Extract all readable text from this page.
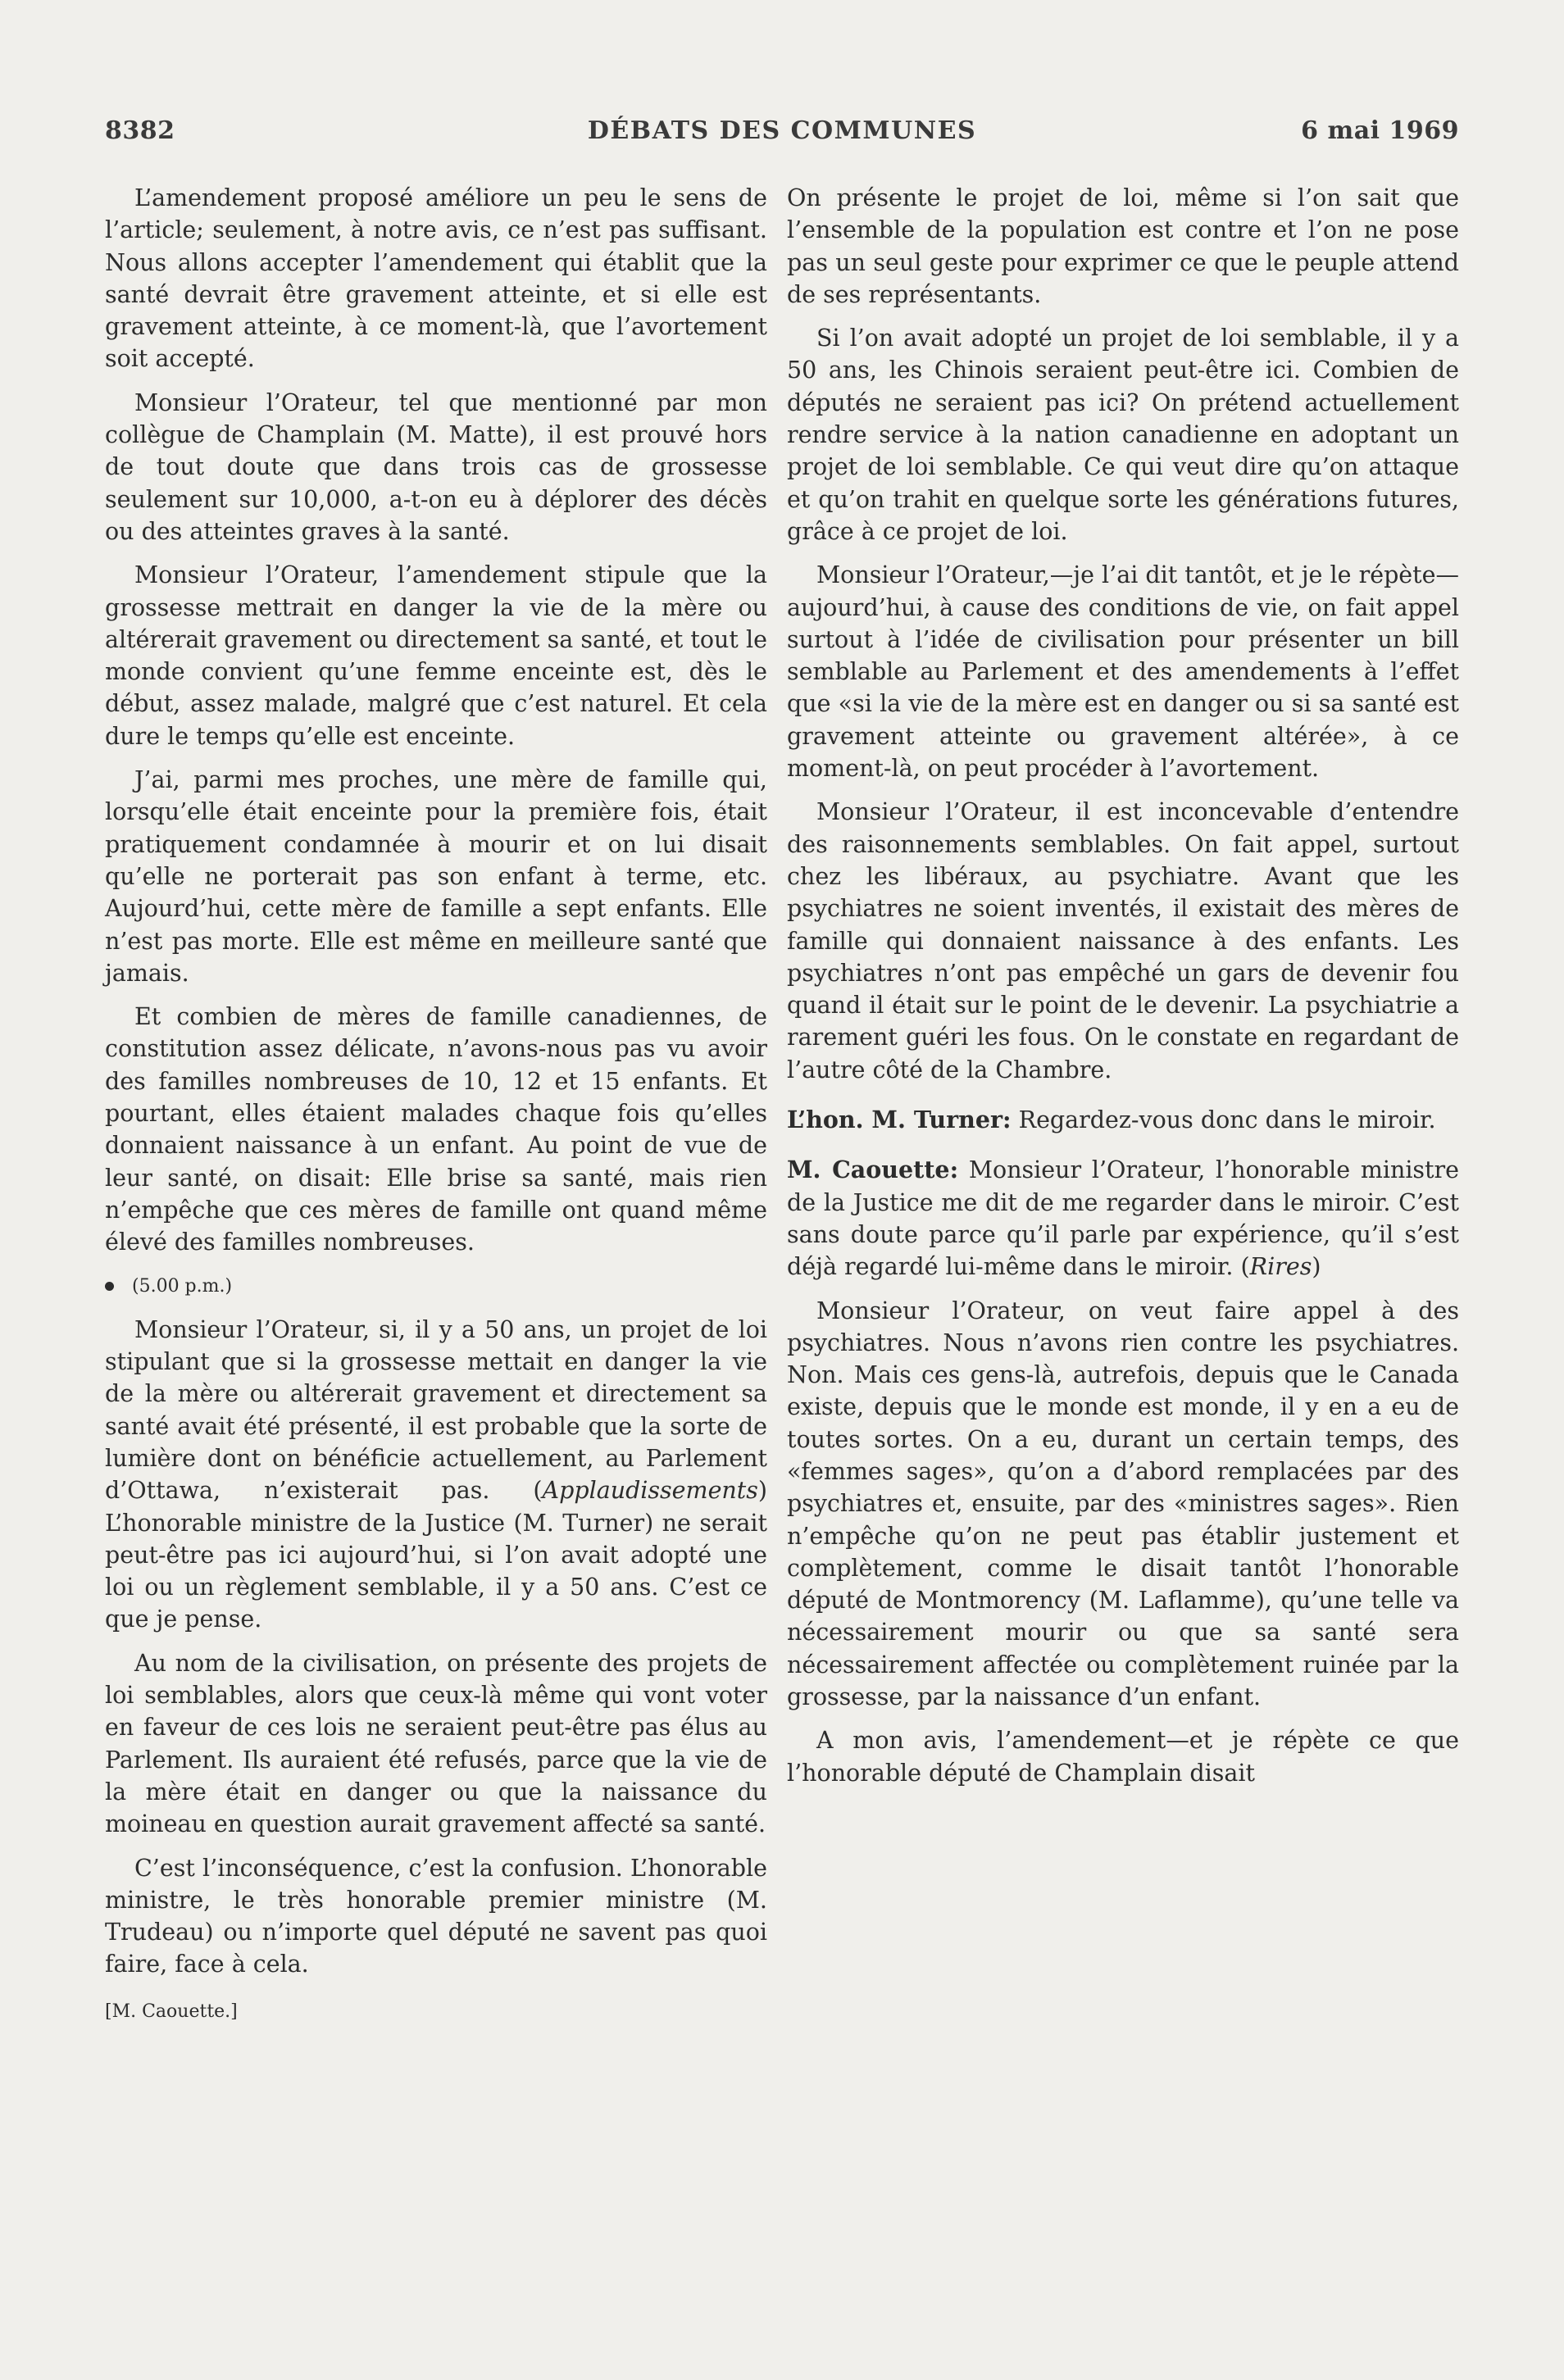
8382	DÉBATS DES COMMUNES	6 mai 1969

L’amendement proposé améliore un peu le sens de l’article; seulement, à notre avis, ce n’est pas suffisant. Nous allons accepter l’amendement qui établit que la santé devrait être gravement atteinte, et si elle est gravement atteinte, à ce moment-là, que l’avortement soit accepté.

Monsieur l’Orateur, tel que mentionné par mon collègue de Champlain (M. Matte), il est prouvé hors de tout doute que dans trois cas de grossesse seulement sur 10,000, a-t-on eu à déplorer des décès ou des atteintes graves à la santé.

Monsieur l’Orateur, l’amendement stipule que la grossesse mettrait en danger la vie de la mère ou altérerait gravement ou directement sa santé, et tout le monde convient qu’une femme enceinte est, dès le début, assez malade, malgré que c’est naturel. Et cela dure le temps qu’elle est enceinte.

J’ai, parmi mes proches, une mère de famille qui, lorsqu’elle était enceinte pour la première fois, était pratiquement condamnée à mourir et on lui disait qu’elle ne porterait pas son enfant à terme, etc. Aujourd’hui, cette mère de famille a sept enfants. Elle n’est pas morte. Elle est même en meilleure santé que jamais.

Et combien de mères de famille canadiennes, de constitution assez délicate, n’avons-nous pas vu avoir des familles nombreuses de 10, 12 et 15 enfants. Et pourtant, elles étaient malades chaque fois qu’elles donnaient naissance à un enfant. Au point de vue de leur santé, on disait: Elle brise sa santé, mais rien n’empêche que ces mères de famille ont quand même élevé des familles nombreuses.

(5.00 p.m.)

Monsieur l’Orateur, si, il y a 50 ans, un projet de loi stipulant que si la grossesse mettait en danger la vie de la mère ou altérerait gravement et directement sa santé avait été présenté, il est probable que la sorte de lumière dont on bénéficie actuellement, au Parlement d’Ottawa, n’existerait pas. (Applaudissements) L’honorable ministre de la Justice (M. Turner) ne serait peut-être pas ici aujourd’hui, si l’on avait adopté une loi ou un règlement semblable, il y a 50 ans. C’est ce que je pense.

Au nom de la civilisation, on présente des projets de loi semblables, alors que ceux-là même qui vont voter en faveur de ces lois ne seraient peut-être pas élus au Parlement. Ils auraient été refusés, parce que la vie de la mère était en danger ou que la naissance du moineau en question aurait gravement affecté sa santé.

C’est l’inconséquence, c’est la confusion. L’honorable ministre, le très honorable premier ministre (M. Trudeau) ou n’importe quel député ne savent pas quoi faire, face à cela.

[M. Caouette.]

On présente le projet de loi, même si l’on sait que l’ensemble de la population est contre et l’on ne pose pas un seul geste pour exprimer ce que le peuple attend de ses représentants.

Si l’on avait adopté un projet de loi semblable, il y a 50 ans, les Chinois seraient peut-être ici. Combien de députés ne seraient pas ici? On prétend actuellement rendre service à la nation canadienne en adoptant un projet de loi semblable. Ce qui veut dire qu’on attaque et qu’on trahit en quelque sorte les générations futures, grâce à ce projet de loi.

Monsieur l’Orateur,—je l’ai dit tantôt, et je le répète—aujourd’hui, à cause des conditions de vie, on fait appel surtout à l’idée de civilisation pour présenter un bill semblable au Parlement et des amendements à l’effet que «si la vie de la mère est en danger ou si sa santé est gravement atteinte ou gravement altérée», à ce moment-là, on peut procéder à l’avortement.

Monsieur l’Orateur, il est inconcevable d’entendre des raisonnements semblables. On fait appel, surtout chez les libéraux, au psychiatre. Avant que les psychiatres ne soient inventés, il existait des mères de famille qui donnaient naissance à des enfants. Les psychiatres n’ont pas empêché un gars de devenir fou quand il était sur le point de le devenir. La psychiatrie a rarement guéri les fous. On le constate en regardant de l’autre côté de la Chambre.

L’hon. M. Turner: Regardez-vous donc dans le miroir.

M. Caouette: Monsieur l’Orateur, l’honorable ministre de la Justice me dit de me regarder dans le miroir. C’est sans doute parce qu’il parle par expérience, qu’il s’est déjà regardé lui-même dans le miroir. (Rires)

Monsieur l’Orateur, on veut faire appel à des psychiatres. Nous n’avons rien contre les psychiatres. Non. Mais ces gens-là, autrefois, depuis que le Canada existe, depuis que le monde est monde, il y en a eu de toutes sortes. On a eu, durant un certain temps, des «femmes sages», qu’on a d’abord remplacées par des psychiatres et, ensuite, par des «ministres sages». Rien n’empêche qu’on ne peut pas établir justement et complètement, comme le disait tantôt l’honorable député de Montmorency (M. Laflamme), qu’une telle va nécessairement mourir ou que sa santé sera nécessairement affectée ou complètement ruinée par la grossesse, par la naissance d’un enfant.

A mon avis, l’amendement—et je répète ce que l’honorable député de Champlain disait
